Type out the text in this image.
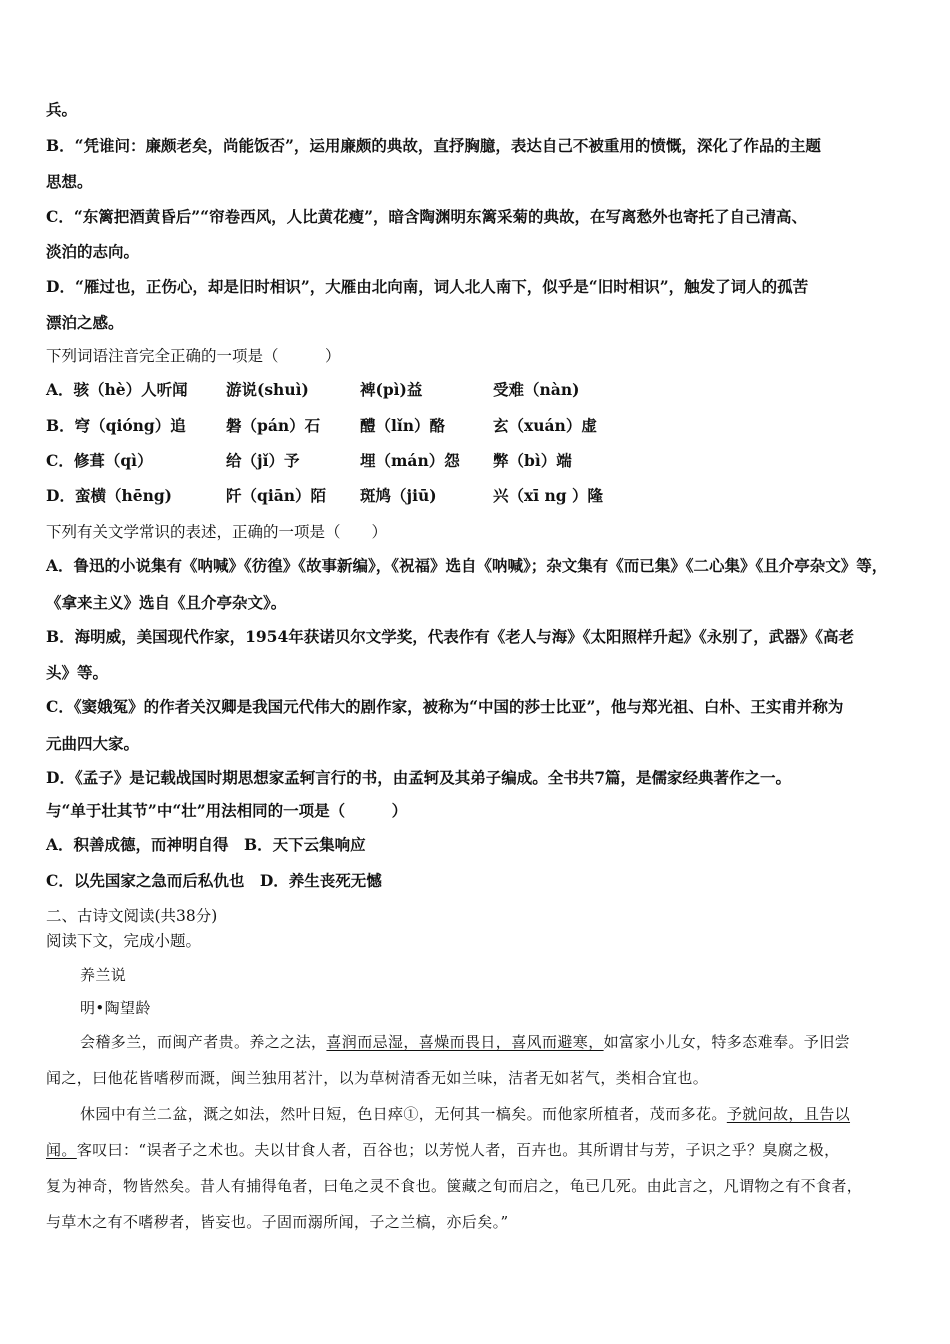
兵。
B．“凭谁问：廉颇老矣，尚能饭否”，运用廉颇的典故，直抒胸臆，表达自己不被重用的愤慨，深化了作品的主题
思想。
C．“东篱把酒黄昏后”“帘卷西风，人比黄花瘦”，暗含陶渊明东篱采菊的典故，在写离愁外也寄托了自己清高、
淡泊的志向。
D．“雁过也，正伤心，却是旧时相识”，大雁由北向南，词人北人南下，似乎是“旧时相识”，触发了词人的孤苦
漂泊之感。
下列词语注音完全正确的一项是（　　　）
A．骇（hè）人听闻 游说(shuì)	裨(pì)益	受难（nàn)
B．穹（qióng）追	磐（pán）石	醴（lǐn）酪	玄（xuán）虚
C．修葺（qì）	给（jǐ）予	埋（mán）怨 弊（bì）端
D．蛮横（hēng)	阡（qiān）陌 斑鸠（jiū)	兴（xī ng ）隆
下列有关文学常识的表述，正确的一项是（　　）
A．鲁迅的小说集有《呐喊》《彷徨》《故事新编》，《祝福》选自《呐喊》；杂文集有《而已集》《二心集》《且介亭杂文》等，
《拿来主义》选自《且介亭杂文》。
B．海明威，美国现代作家，1954年获诺贝尔文学奖，代表作有《老人与海》《太阳照样升起》《永别了，武器》《高老
头》等。
C．《窦娥冤》的作者关汉卿是我国元代伟大的剧作家，被称为“中国的莎士比亚”，他与郑光祖、白朴、王实甫并称为
元曲四大家。
D．《孟子》是记载战国时期思想家孟轲言行的书，由孟轲及其弟子编成。全书共7篇，是儒家经典著作之一。
与“单于壮其节”中“壮”用法相同的一项是（　　　）
A．积善成德，而神明自得　B．天下云集响应
C．以先国家之急而后私仇也　D．养生丧死无憾
二、古诗文阅读(共38分)
阅读下文，完成小题。
养兰说
明•陶望龄
会稽多兰，而闽产者贵。养之之法，喜润而忌湿，喜燥而畏日，喜风而避寒，如富家小儿女，特多态难奉。予旧尝
闻之，曰他花皆嗜秽而溉，闽兰独用茗汁，以为草树清香无如兰味，洁者无如茗气，类相合宜也。
休园中有兰二盆，溉之如法，然叶日短，色日瘁①，无何其一槁矣。而他家所植者，茂而多花。予就问故，且告以
闻。客叹曰：“误者子之术也。夫以甘食人者，百谷也；以芳悦人者，百卉也。其所谓甘与芳，子识之乎？臭腐之极，
复为神奇，物皆然矣。昔人有捕得龟者，曰龟之灵不食也。箧藏之旬而启之，龟已几死。由此言之，凡谓物之有不食者，
与草木之有不嗜秽者，皆妄也。子固而溺所闻，子之兰槁，亦后矣。”
